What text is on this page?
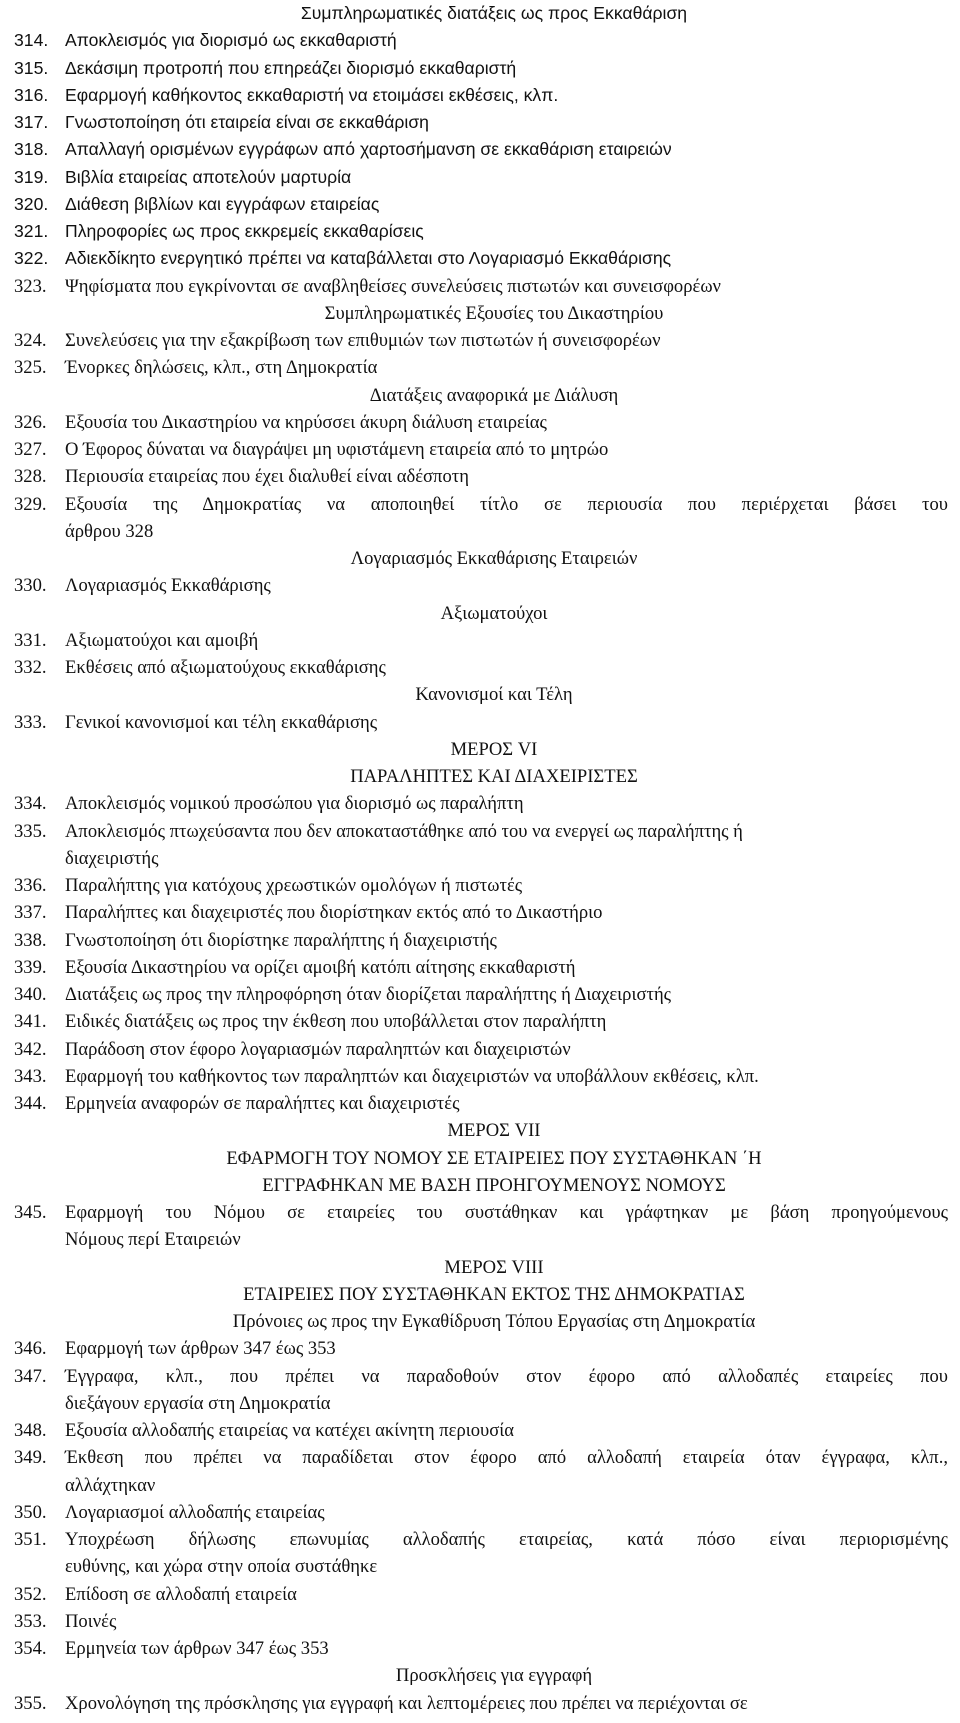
Συμπληρωματικές διατάξεις ως προς Εκκαθάριση
314. Αποκλεισμός για διορισμό ως εκκαθαριστή
315. Δεκάσιμη προτροπή που επηρεάζει διορισμό εκκαθαριστή
316. Εφαρμογή καθήκοντος εκκαθαριστή να ετοιμάσει εκθέσεις, κλπ.
317. Γνωστοποίηση ότι εταιρεία είναι σε εκκαθάριση
318. Απαλλαγή ορισμένων εγγράφων από χαρτοσήμανση σε εκκαθάριση εταιρειών
319. Βιβλία εταιρείας αποτελούν μαρτυρία
320. Διάθεση βιβλίων και εγγράφων εταιρείας
321. Πληροφορίες ως προς εκκρεμείς εκκαθαρίσεις
322. Αδιεκδίκητο ενεργητικό πρέπει να καταβάλλεται στο Λογαριασμό Εκκαθάρισης
323. Ψηφίσματα που εγκρίνονται σε αναβληθείσες συνελεύσεις πιστωτών και συνεισφορέων
Συμπληρωματικές Εξουσίες του Δικαστηρίου
324. Συνελεύσεις για την εξακρίβωση των επιθυμιών των πιστωτών ή συνεισφορέων
325. Ένορκες δηλώσεις, κλπ., στη Δημοκρατία
Διατάξεις αναφορικά με Διάλυση
326. Εξουσία του Δικαστηρίου να κηρύσσει άκυρη διάλυση εταιρείας
327. Ο Έφορος δύναται να διαγράψει μη υφιστάμενη εταιρεία από το μητρώο
328. Περιουσία εταιρείας που έχει διαλυθεί είναι αδέσποτη
329. Εξουσία της Δημοκρατίας να αποποιηθεί τίτλο σε περιουσία που περιέρχεται βάσει του
άρθρου 328
Λογαριασμός Εκκαθάρισης Εταιρειών
330. Λογαριασμός Εκκαθάρισης
Αξιωματούχοι
331. Αξιωματούχοι και αμοιβή
332. Εκθέσεις από αξιωματούχους εκκαθάρισης
Κανονισμοί και Τέλη
333. Γενικοί κανονισμοί και τέλη εκκαθάρισης
ΜΕΡΟΣ VI
ΠΑΡΑΛΗΠΤΕΣ ΚΑΙ ΔΙΑΧΕΙΡΙΣΤΕΣ
334. Αποκλεισμός νομικού προσώπου για διορισμό ως παραλήπτη
335. Αποκλεισμός πτωχεύσαντα που δεν αποκαταστάθηκε από του να ενεργεί ως παραλήπτης ή
διαχειριστής
336. Παραλήπτης για κατόχους χρεωστικών ομολόγων ή πιστωτές
337. Παραλήπτες και διαχειριστές που διορίστηκαν εκτός από το Δικαστήριο
338. Γνωστοποίηση ότι διορίστηκε παραλήπτης ή διαχειριστής
339. Εξουσία Δικαστηρίου να ορίζει αμοιβή κατόπι αίτησης εκκαθαριστή
340. Διατάξεις ως προς την πληροφόρηση όταν διορίζεται παραλήπτης ή Διαχειριστής
341. Ειδικές διατάξεις ως προς την έκθεση που υποβάλλεται στον παραλήπτη
342. Παράδοση στον έφορο λογαριασμών παραληπτών και διαχειριστών
343. Εφαρμογή του καθήκοντος των παραληπτών και διαχειριστών να υποβάλλουν εκθέσεις, κλπ.
344. Ερμηνεία αναφορών σε παραλήπτες και διαχειριστές
ΜΕΡΟΣ VII
ΕΦΑΡΜΟΓΗ ΤΟΥ ΝΟΜΟΥ ΣΕ ΕΤΑΙΡΕΙΕΣ ΠΟΥ ΣΥΣΤΑΘΗΚΑΝ ΄Η
ΕΓΓΡΑΦΗΚΑΝ ΜΕ ΒΑΣΗ ΠΡΟΗΓΟΥΜΕΝΟΥΣ ΝΟΜΟΥΣ
345. Εφαρμογή του Νόμου σε εταιρείες του συστάθηκαν και γράφτηκαν με βάση προηγούμενους
Νόμους περί Εταιρειών
ΜΕΡΟΣ VIII
ΕΤΑΙΡΕΙΕΣ ΠΟΥ ΣΥΣΤΑΘΗΚΑΝ ΕΚΤΟΣ ΤΗΣ ΔΗΜΟΚΡΑΤΙΑΣ
Πρόνοιες ως προς την Εγκαθίδρυση Τόπου Εργασίας στη Δημοκρατία
346. Εφαρμογή των άρθρων 347 έως 353
347. Έγγραφα, κλπ., που πρέπει να παραδοθούν στον έφορο από αλλοδαπές εταιρείες που
διεξάγουν εργασία στη Δημοκρατία
348. Εξουσία αλλοδαπής εταιρείας να κατέχει ακίνητη περιουσία
349. Έκθεση που πρέπει να παραδίδεται στον έφορο από αλλοδαπή εταιρεία όταν έγγραφα, κλπ.,
αλλάχτηκαν
350. Λογαριασμοί αλλοδαπής εταιρείας
351. Υποχρέωση δήλωσης επωνυμίας αλλοδαπής εταιρείας, κατά πόσο είναι περιορισμένης
ευθύνης, και χώρα στην οποία συστάθηκε
352. Επίδοση σε αλλοδαπή εταιρεία
353. Ποινές
354. Ερμηνεία των άρθρων 347 έως 353
Προσκλήσεις για εγγραφή
355. Χρονολόγηση της πρόσκλησης για εγγραφή και λεπτομέρειες που πρέπει να περιέχονται σε
